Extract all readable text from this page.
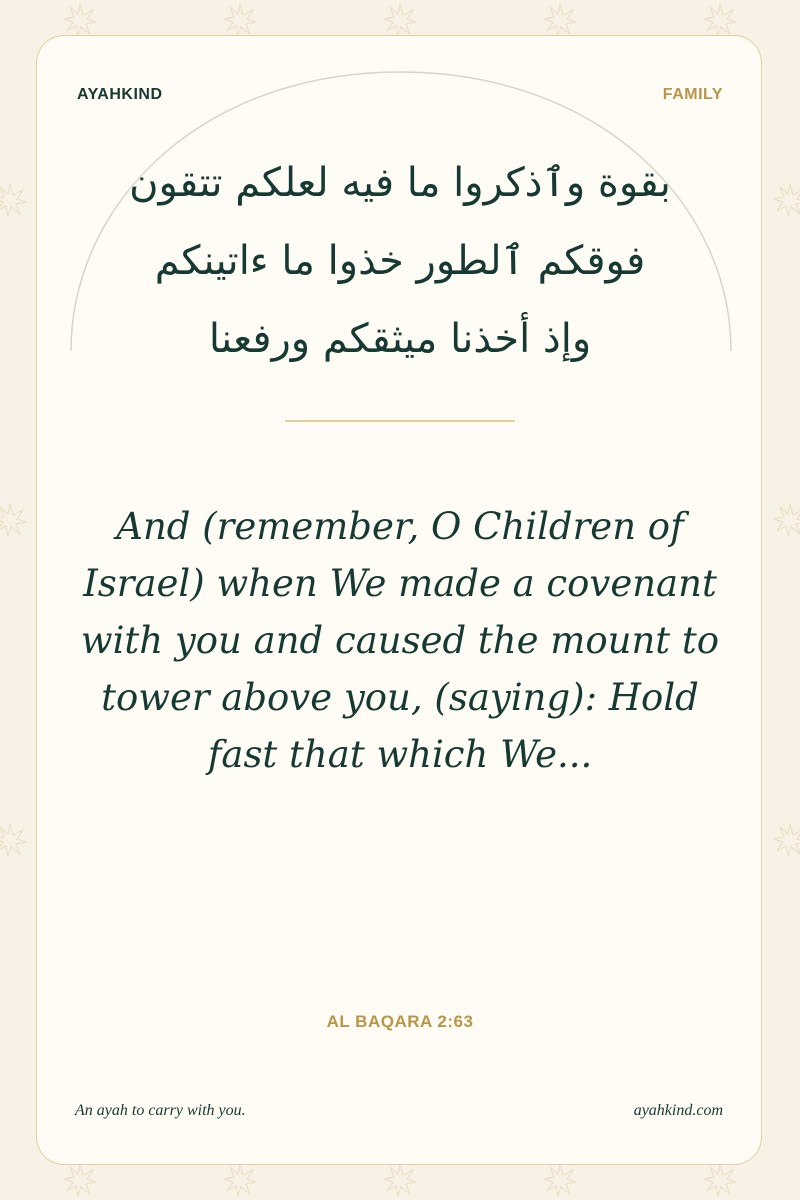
AYAHKIND	FAMILY
بقوة وٱذكروا ما فيه لعلكم تتقون
فوقكم ٱلطور خذوا ما ءاتينكم
وإذ أخذنا ميثقكم ورفعنا
And (remember, O Children of Israel) when We made a covenant with you and caused the mount to tower above you, (saying): Hold fast that which We...
AL BAQARA 2:63
An ayah to carry with you.	ayahkind.com
